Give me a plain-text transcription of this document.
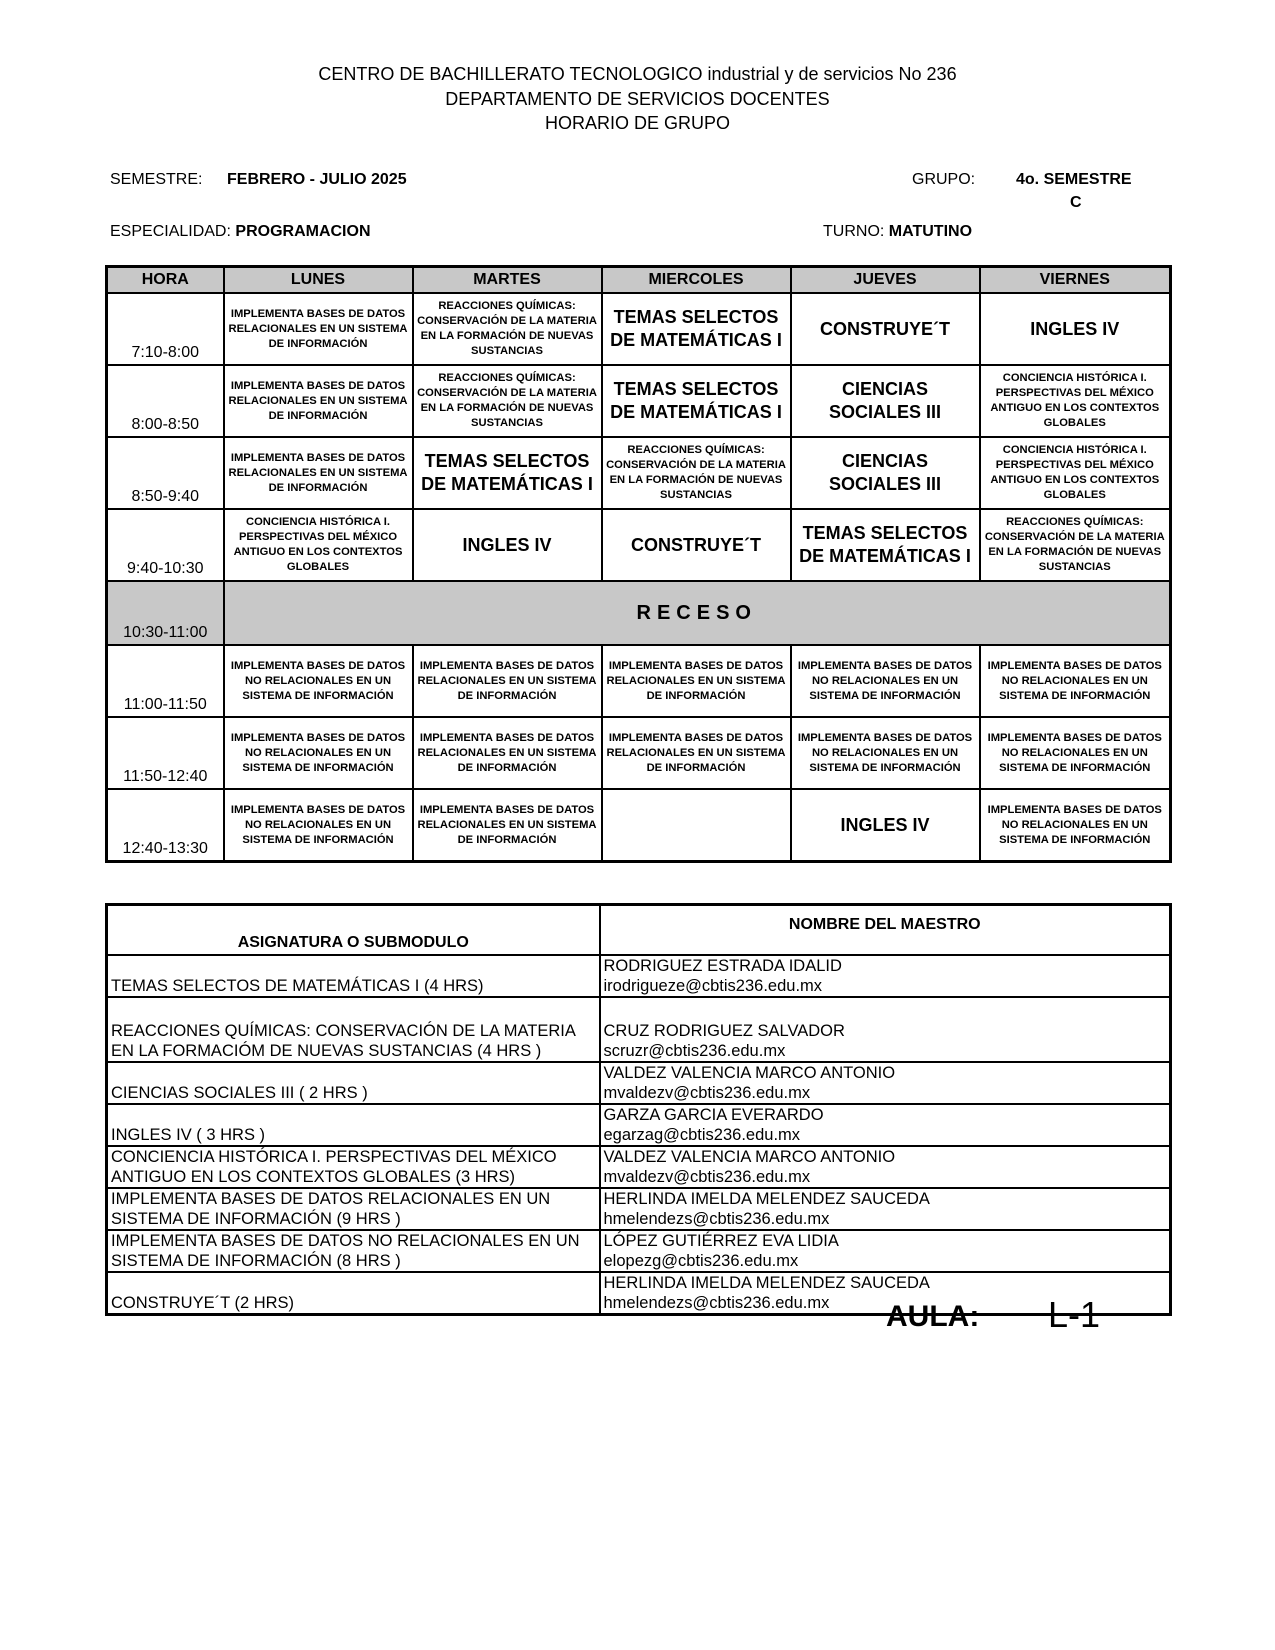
CENTRO DE BACHILLERATO TECNOLOGICO industrial y de servicios No 236
DEPARTAMENTO DE SERVICIOS DOCENTES
HORARIO DE GRUPO
SEMESTRE: FEBRERO - JULIO 2025	GRUPO:	4o. SEMESTRE
C
ESPECIALIDAD: PROGRAMACION	TURNO: MATUTINO
HORA	LUNES	MARTES	MIERCOLES	JUEVES	VIERNES
7:10-8:00	IMPLEMENTA BASES DE DATOS RELACIONALES EN UN SISTEMA DE INFORMACIÓN	REACCIONES QUÍMICAS: CONSERVACIÓN DE LA MATERIA EN LA FORMACIÓN DE NUEVAS SUSTANCIAS	TEMAS SELECTOS DE MATEMÁTICAS I	CONSTRUYE´T	INGLES IV
8:00-8:50	IMPLEMENTA BASES DE DATOS RELACIONALES EN UN SISTEMA DE INFORMACIÓN	REACCIONES QUÍMICAS: CONSERVACIÓN DE LA MATERIA EN LA FORMACIÓN DE NUEVAS SUSTANCIAS	TEMAS SELECTOS DE MATEMÁTICAS I	CIENCIAS SOCIALES III	CONCIENCIA HISTÓRICA I. PERSPECTIVAS DEL MÉXICO ANTIGUO EN LOS CONTEXTOS GLOBALES
8:50-9:40	IMPLEMENTA BASES DE DATOS RELACIONALES EN UN SISTEMA DE INFORMACIÓN	TEMAS SELECTOS DE MATEMÁTICAS I	REACCIONES QUÍMICAS: CONSERVACIÓN DE LA MATERIA EN LA FORMACIÓN DE NUEVAS SUSTANCIAS	CIENCIAS SOCIALES III	CONCIENCIA HISTÓRICA I. PERSPECTIVAS DEL MÉXICO ANTIGUO EN LOS CONTEXTOS GLOBALES
9:40-10:30	CONCIENCIA HISTÓRICA I. PERSPECTIVAS DEL MÉXICO ANTIGUO EN LOS CONTEXTOS GLOBALES	INGLES IV	CONSTRUYE´T	TEMAS SELECTOS DE MATEMÁTICAS I	REACCIONES QUÍMICAS: CONSERVACIÓN DE LA MATERIA EN LA FORMACIÓN DE NUEVAS SUSTANCIAS
10:30-11:00	RECESO				
11:00-11:50	IMPLEMENTA BASES DE DATOS NO RELACIONALES EN UN SISTEMA DE INFORMACIÓN	IMPLEMENTA BASES DE DATOS RELACIONALES EN UN SISTEMA DE INFORMACIÓN	IMPLEMENTA BASES DE DATOS RELACIONALES EN UN SISTEMA DE INFORMACIÓN	IMPLEMENTA BASES DE DATOS NO RELACIONALES EN UN SISTEMA DE INFORMACIÓN	IMPLEMENTA BASES DE DATOS NO RELACIONALES EN UN SISTEMA DE INFORMACIÓN
11:50-12:40	IMPLEMENTA BASES DE DATOS NO RELACIONALES EN UN SISTEMA DE INFORMACIÓN	IMPLEMENTA BASES DE DATOS RELACIONALES EN UN SISTEMA DE INFORMACIÓN	IMPLEMENTA BASES DE DATOS RELACIONALES EN UN SISTEMA DE INFORMACIÓN	IMPLEMENTA BASES DE DATOS NO RELACIONALES EN UN SISTEMA DE INFORMACIÓN	IMPLEMENTA BASES DE DATOS NO RELACIONALES EN UN SISTEMA DE INFORMACIÓN
12:40-13:30	IMPLEMENTA BASES DE DATOS NO RELACIONALES EN UN SISTEMA DE INFORMACIÓN	IMPLEMENTA BASES DE DATOS RELACIONALES EN UN SISTEMA DE INFORMACIÓN		INGLES IV	IMPLEMENTA BASES DE DATOS NO RELACIONALES EN UN SISTEMA DE INFORMACIÓN
ASIGNATURA O SUBMODULO	NOMBRE DEL MAESTRO
TEMAS SELECTOS DE MATEMÁTICAS I (4 HRS)	RODRIGUEZ ESTRADA IDALID
irodrigueze@cbtis236.edu.mx

REACCIONES QUÍMICAS: CONSERVACIÓN DE LA MATERIA EN LA FORMACIÓM DE NUEVAS SUSTANCIAS (4 HRS )	CRUZ RODRIGUEZ SALVADOR
scruzr@cbtis236.edu.mx

CIENCIAS SOCIALES III ( 2 HRS )	VALDEZ VALENCIA MARCO ANTONIO
mvaldezv@cbtis236.edu.mx

INGLES IV ( 3 HRS )	GARZA GARCIA EVERARDO
egarzag@cbtis236.edu.mx

CONCIENCIA HISTÓRICA I. PERSPECTIVAS DEL MÉXICO ANTIGUO EN LOS CONTEXTOS GLOBALES (3 HRS)	VALDEZ VALENCIA MARCO ANTONIO
mvaldezv@cbtis236.edu.mx

IMPLEMENTA BASES DE DATOS RELACIONALES EN UN SISTEMA DE INFORMACIÓN (9 HRS )	HERLINDA IMELDA MELENDEZ SAUCEDA
hmelendezs@cbtis236.edu.mx

IMPLEMENTA BASES DE DATOS NO RELACIONALES EN UN SISTEMA DE INFORMACIÓN (8 HRS )	LÓPEZ GUTIÉRREZ EVA LIDIA
elopezg@cbtis236.edu.mx

CONSTRUYE´T (2 HRS)	HERLINDA IMELDA MELENDEZ SAUCEDA
hmelendezs@cbtis236.edu.mx	AULA: L-1
